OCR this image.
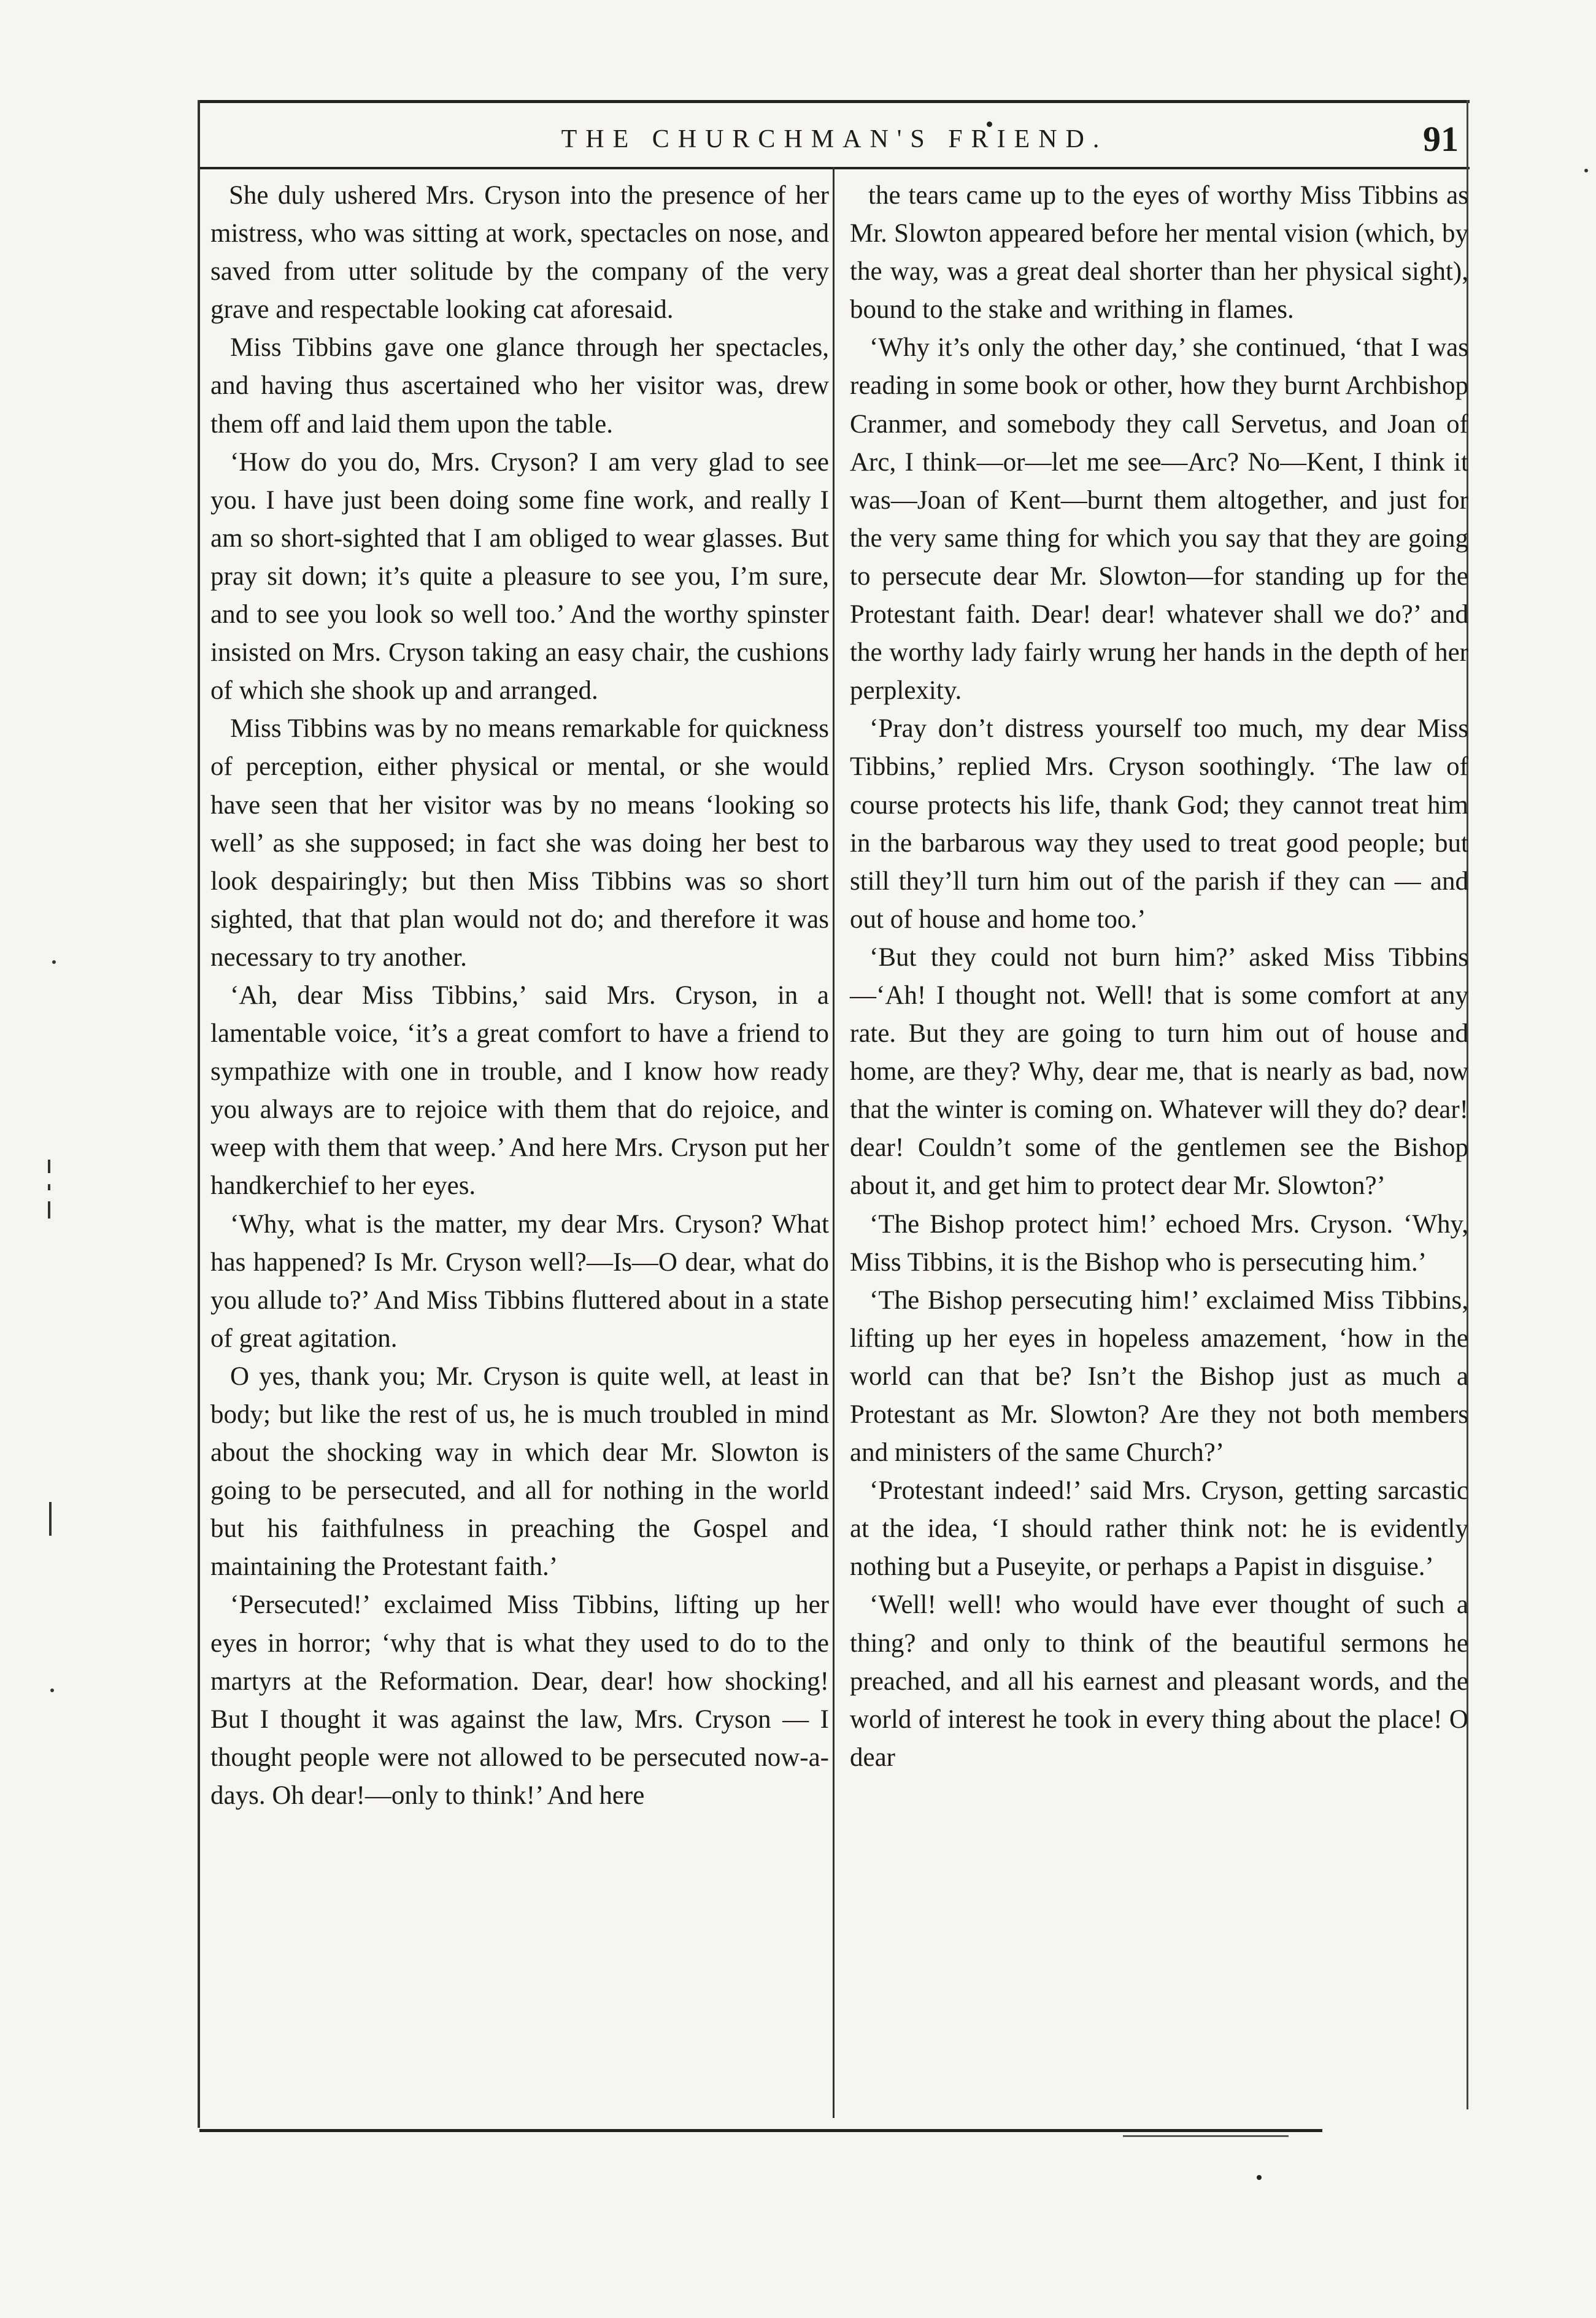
THE CHURCHMAN'S FRIEND.	91

She duly ushered Mrs. Cryson into the presence of her mistress, who was sitting at work, spectacles on nose, and saved from utter solitude by the company of the very grave and respectable looking cat aforesaid.

Miss Tibbins gave one glance through her spectacles, and having thus ascertained who her visitor was, drew them off and laid them upon the table.

‘How do you do, Mrs. Cryson? I am very glad to see you. I have just been doing some fine work, and really I am so short-sighted that I am obliged to wear glasses. But pray sit down; it’s quite a pleasure to see you, I’m sure, and to see you look so well too.’ And the worthy spinster insisted on Mrs. Cryson taking an easy chair, the cushions of which she shook up and arranged.

Miss Tibbins was by no means remarkable for quickness of perception, either physical or mental, or she would have seen that her visitor was by no means ‘looking so well’ as she supposed; in fact she was doing her best to look despairingly; but then Miss Tibbins was so short sighted, that that plan would not do; and therefore it was necessary to try another.

‘Ah, dear Miss Tibbins,’ said Mrs. Cryson, in a lamentable voice, ‘it’s a great comfort to have a friend to sympathize with one in trouble, and I know how ready you always are to rejoice with them that do rejoice, and weep with them that weep.’ And here Mrs. Cryson put her handkerchief to her eyes.

‘Why, what is the matter, my dear Mrs. Cryson? What has happened? Is Mr. Cryson well?—Is—O dear, what do you allude to?’ And Miss Tibbins fluttered about in a state of great agitation.

O yes, thank you; Mr. Cryson is quite well, at least in body; but like the rest of us, he is much troubled in mind about the shocking way in which dear Mr. Slowton is going to be persecuted, and all for nothing in the world but his faithfulness in preaching the Gospel and maintaining the Protestant faith.’

‘Persecuted!’ exclaimed Miss Tibbins, lifting up her eyes in horror; ‘why that is what they used to do to the martyrs at the Reformation. Dear, dear! how shocking! But I thought it was against the law, Mrs. Cryson — I thought people were not allowed to be persecuted now-a-days. Oh dear!—only to think!’ And here

the tears came up to the eyes of worthy Miss Tibbins as Mr. Slowton appeared before her mental vision (which, by the way, was a great deal shorter than her physical sight), bound to the stake and writhing in flames.

‘Why it’s only the other day,’ she continued, ‘that I was reading in some book or other, how they burnt Archbishop Cranmer, and somebody they call Servetus, and Joan of Arc, I think—or—let me see—Arc? No—Kent, I think it was—Joan of Kent—burnt them altogether, and just for the very same thing for which you say that they are going to persecute dear Mr. Slowton—for standing up for the Protestant faith. Dear! dear! whatever shall we do?’ and the worthy lady fairly wrung her hands in the depth of her perplexity.

‘Pray don’t distress yourself too much, my dear Miss Tibbins,’ replied Mrs. Cryson soothingly. ‘The law of course protects his life, thank God; they cannot treat him in the barbarous way they used to treat good people; but still they’ll turn him out of the parish if they can — and out of house and home too.’

‘But they could not burn him?’ asked Miss Tibbins—‘Ah! I thought not. Well! that is some comfort at any rate. But they are going to turn him out of house and home, are they? Why, dear me, that is nearly as bad, now that the winter is coming on. Whatever will they do? dear! dear! Couldn’t some of the gentlemen see the Bishop about it, and get him to protect dear Mr. Slowton?’

‘The Bishop protect him!’ echoed Mrs. Cryson. ‘Why, Miss Tibbins, it is the Bishop who is persecuting him.’

‘The Bishop persecuting him!’ exclaimed Miss Tibbins, lifting up her eyes in hopeless amazement, ‘how in the world can that be? Isn’t the Bishop just as much a Protestant as Mr. Slowton? Are they not both members and ministers of the same Church?’

‘Protestant indeed!’ said Mrs. Cryson, getting sarcastic at the idea, ‘I should rather think not: he is evidently nothing but a Puseyite, or perhaps a Papist in disguise.’

‘Well! well! who would have ever thought of such a thing? and only to think of the beautiful sermons he preached, and all his earnest and pleasant words, and the world of interest he took in every thing about the place! O dear
